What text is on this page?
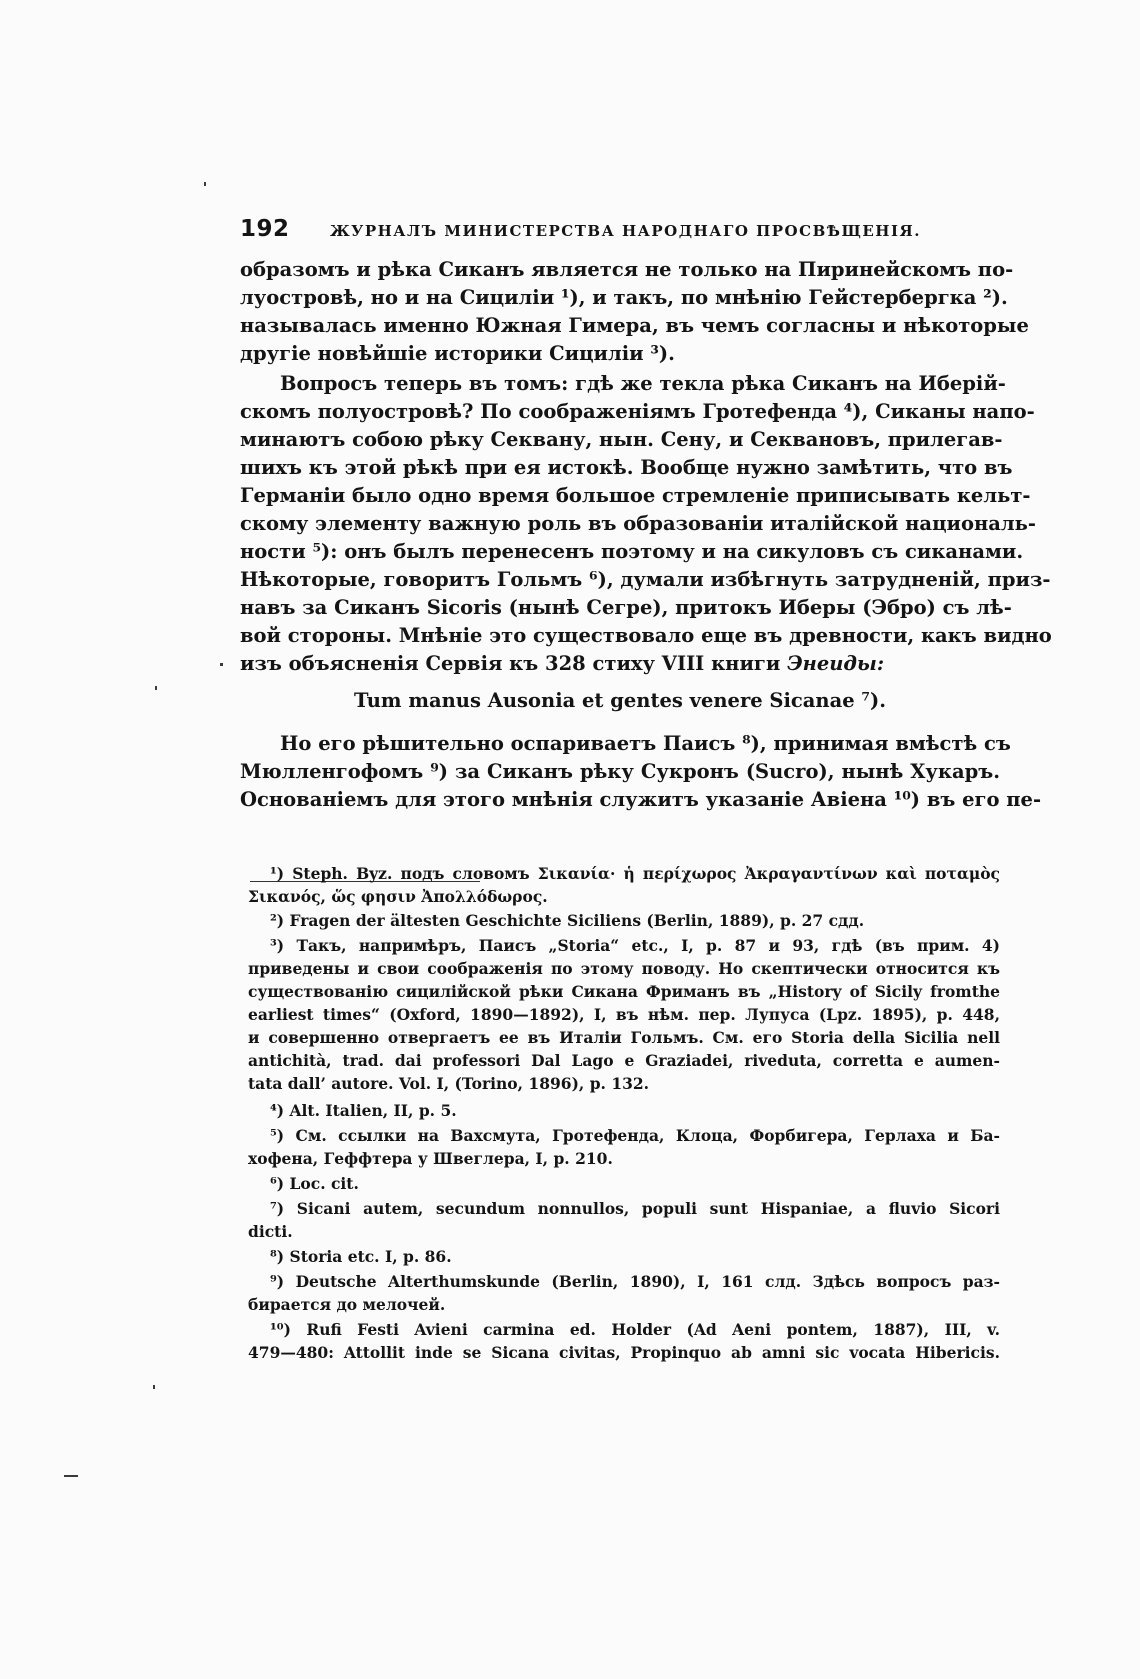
192	ЖУРНАЛЪ МИНИСТЕРСТВА НАРОДНАГО ПРОСВѢЩЕНІЯ.
образомъ и рѣка Сиканъ является не только на Пиринейскомъ по-
луостровѣ, но и на Сициліи ¹), и такъ, по мнѣнію Гейстербергка ²).
называлась именно Южная Гимера, въ чемъ согласны и нѣкоторые
другіе новѣйшіе историки Сициліи ³).
Вопросъ теперь въ томъ: гдѣ же текла рѣка Сиканъ на Иберій-
скомъ полуостровѣ? По соображеніямъ Гротефенда ⁴), Сиканы напо-
минаютъ собою рѣку Секвану, нын. Сену, и Секвановъ, прилегав-
шихъ къ этой рѣкѣ при ея истокѣ. Вообще нужно замѣтить, что въ
Германіи было одно время большое стремленіе приписывать кельт-
скому элементу важную роль въ образованіи италійской националь-
ности ⁵): онъ былъ перенесенъ поэтому и на сикуловъ съ сиканами.
Нѣкоторые, говоритъ Гольмъ ⁶), думали избѣгнуть затрудненій, приз-
навъ за Сиканъ Sicoris (нынѣ Сегре), притокъ Иберы (Эбро) съ лѣ-
вой стороны. Мнѣніе это существовало еще въ древности, какъ видно
изъ объясненія Сервія къ 328 стиху VIII книги Энеиды:
Tum manus Ausonia et gentes venere Sicanae ⁷).
Но его рѣшительно оспариваетъ Паисъ ⁸), принимая вмѣстѣ съ
Мюлленгофомъ ⁹) за Сиканъ рѣку Сукронъ (Sucro), нынѣ Хукаръ.
Основаніемъ для этого мнѣнія служитъ указаніе Авіена ¹⁰) въ его пе-
¹) Steph. Byz. подъ словомъ Σικανία· ἡ περίχωρος Ἀκραγαντίνων καὶ ποταμὸς
Σικανός, ὥς φησιν Ἀπολλόδωρος.
²) Fragen der ältesten Geschichte Siciliens (Berlin, 1889), p. 27 сдд.
³) Такъ, напримѣръ, Паисъ „Storia“ etc., I, p. 87 и 93, гдѣ (въ прим. 4)
приведены и свои соображенія по этому поводу. Но скептически относится къ
существованію сицилійской рѣки Сикана Фриманъ въ „History of Sicily fromthe
earliest times“ (Oxford, 1890—1892), I, въ нѣм. пер. Лупуса (Lpz. 1895), p. 448,
и совершенно отвергаетъ ее въ Италіи Гольмъ. См. его Storia della Sicilia nell
antichità, trad. dai professori Dal Lago e Graziadei, riveduta, corretta e aumen-
tata dall’ autore. Vol. I, (Torino, 1896), p. 132.
⁴) Alt. Italien, II, p. 5.
⁵) См. ссылки на Вахсмута, Гротефенда, Клоца, Форбигера, Герлаха и Ба-
хофена, Геффтера у Швеглера, I, p. 210.
⁶) Loc. cit.
⁷) Sicani autem, secundum nonnullos, populi sunt Hispaniae, a fluvio Sicori
dicti.
⁸) Storia etc. I, p. 86.
⁹) Deutsche Alterthumskunde (Berlin, 1890), I, 161 слд. Здѣсь вопросъ раз-
бирается до мелочей.
¹⁰) Rufi Festi Avieni carmina ed. Holder (Ad Aeni pontem, 1887), III, v.
479—480: Attollit inde se Sicana civitas, Propinquo ab amni sic vocata Hibericis.
